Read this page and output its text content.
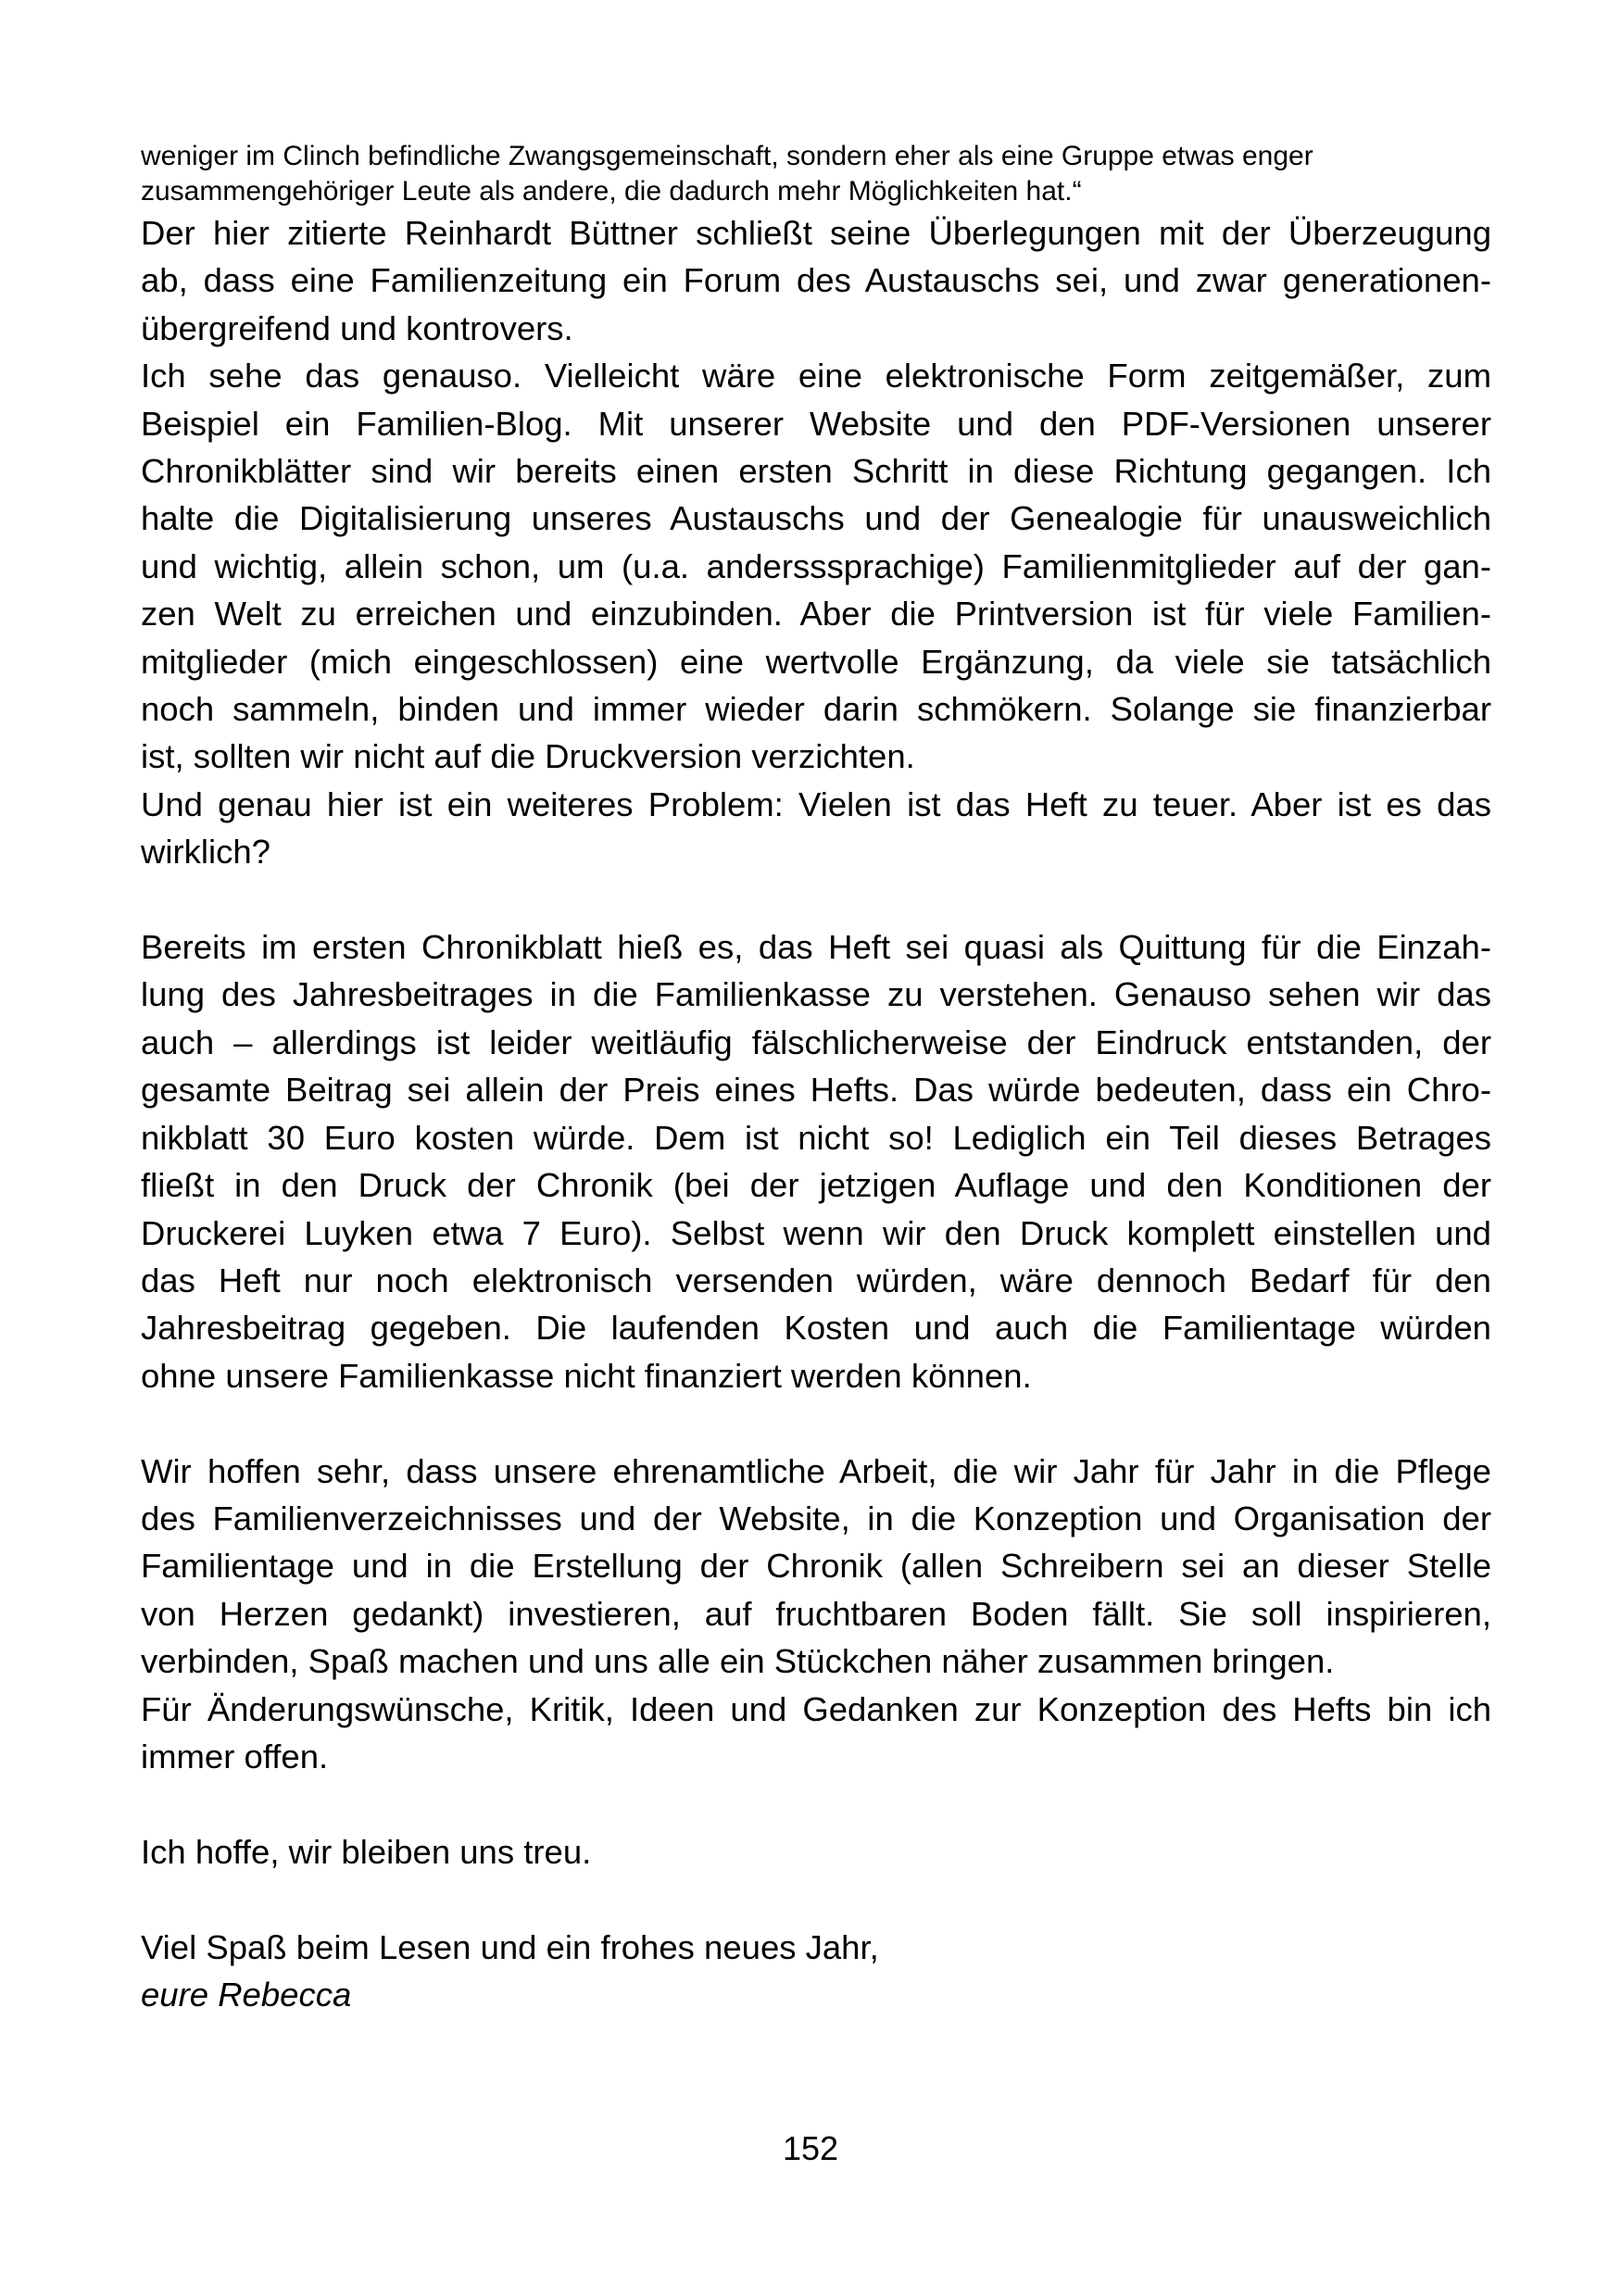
weniger im Clinch befindliche Zwangsgemeinschaft, sondern eher als eine Gruppe etwas enger

zusammengehöriger Leute als andere, die dadurch mehr Möglichkeiten hat.“

Der hier zitierte Reinhardt Büttner schließt seine Überlegungen mit der Überzeugung
ab, dass eine Familienzeitung ein Forum des Austauschs sei, und zwar generationen-
übergreifend und kontrovers.

Ich sehe das genauso. Vielleicht wäre eine elektronische Form zeitgemäßer, zum
Beispiel ein Familien-Blog. Mit unserer Website und den PDF-Versionen unserer
Chronikblätter sind wir bereits einen ersten Schritt in diese Richtung gegangen. Ich
halte die Digitalisierung unseres Austauschs und der Genealogie für unausweichlich
und wichtig, allein schon, um (u.a. andersssprachige) Familienmitglieder auf der gan-
zen Welt zu erreichen und einzubinden. Aber die Printversion ist für viele Familien-
mitglieder (mich eingeschlossen) eine wertvolle Ergänzung, da viele sie tatsächlich
noch sammeln, binden und immer wieder darin schmökern. Solange sie finanzierbar
ist, sollten wir nicht auf die Druckversion verzichten.

Und genau hier ist ein weiteres Problem: Vielen ist das Heft zu teuer. Aber ist es das
wirklich?

Bereits im ersten Chronikblatt hieß es, das Heft sei quasi als Quittung für die Einzah-
lung des Jahresbeitrages in die Familienkasse zu verstehen. Genauso sehen wir das
auch – allerdings ist leider weitläufig fälschlicherweise der Eindruck entstanden, der
gesamte Beitrag sei allein der Preis eines Hefts. Das würde bedeuten, dass ein Chro-
nikblatt 30 Euro kosten würde. Dem ist nicht so! Lediglich ein Teil dieses Betrages
fließt in den Druck der Chronik (bei der jetzigen Auflage und den Konditionen der
Druckerei Luyken etwa 7 Euro). Selbst wenn wir den Druck komplett einstellen und
das Heft nur noch elektronisch versenden würden, wäre dennoch Bedarf für den
Jahresbeitrag gegeben. Die laufenden Kosten und auch die Familientage würden
ohne unsere Familienkasse nicht finanziert werden können.

Wir hoffen sehr, dass unsere ehrenamtliche Arbeit, die wir Jahr für Jahr in die Pflege
des Familienverzeichnisses und der Website, in die Konzeption und Organisation der
Familientage und in die Erstellung der Chronik (allen Schreibern sei an dieser Stelle
von Herzen gedankt) investieren, auf fruchtbaren Boden fällt. Sie soll inspirieren,
verbinden, Spaß machen und uns alle ein Stückchen näher zusammen bringen.

Für Änderungswünsche, Kritik, Ideen und Gedanken zur Konzeption des Hefts bin ich
immer offen.

Ich hoffe, wir bleiben uns treu.

Viel Spaß beim Lesen und ein frohes neues Jahr,
eure Rebecca

152
